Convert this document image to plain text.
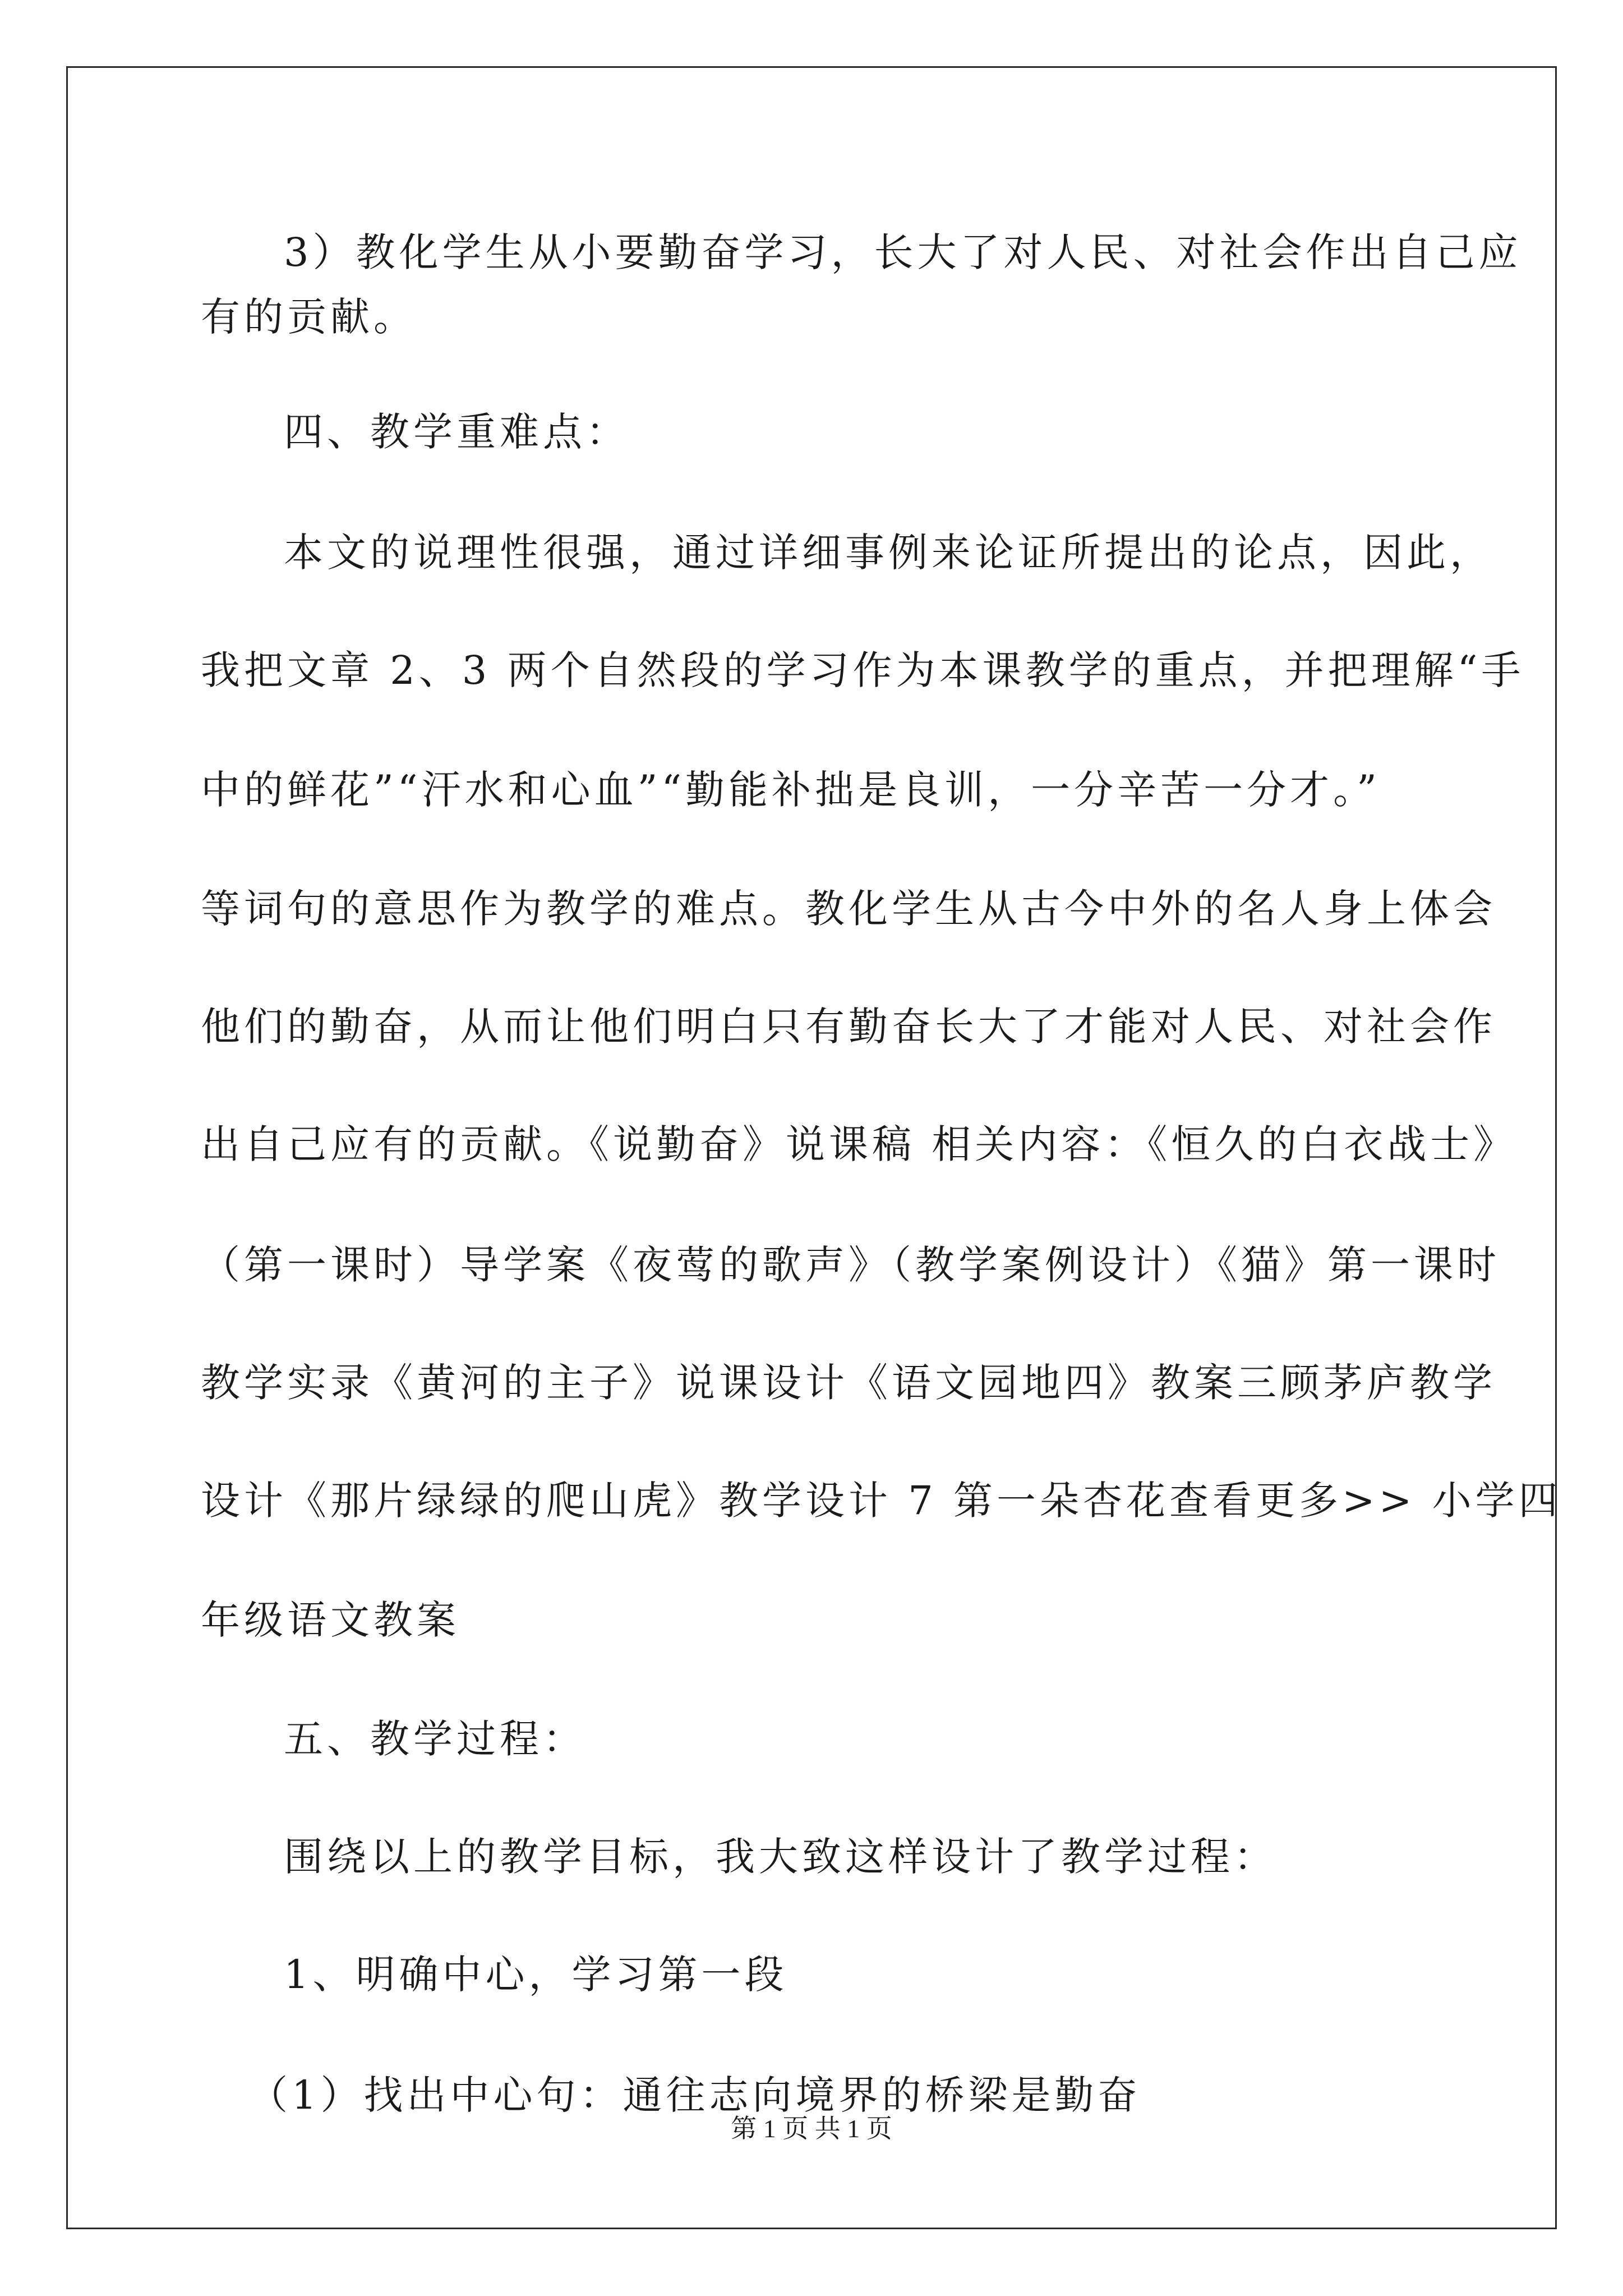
3）教化学生从小要勤奋学习，长大了对人民、对社会作出自己应
有的贡献。
四、教学重难点：
本文的说理性很强，通过详细事例来论证所提出的论点，因此，
我把文章 2、3 两个自然段的学习作为本课教学的重点，并把理解“手
中的鲜花”“汗水和心血”“勤能补拙是良训，一分辛苦一分才。”
等词句的意思作为教学的难点。教化学生从古今中外的名人身上体会
他们的勤奋，从而让他们明白只有勤奋长大了才能对人民、对社会作
出自己应有的贡献。《说勤奋》说课稿 相关内容：《恒久的白衣战士》
（第一课时）导学案《夜莺的歌声》（教学案例设计）《猫》第一课时
教学实录《黄河的主子》说课设计《语文园地四》教案三顾茅庐教学
设计《那片绿绿的爬山虎》教学设计 7 第一朵杏花查看更多>> 小学四
年级语文教案
五、教学过程：
围绕以上的教学目标，我大致这样设计了教学过程：
1、明确中心，学习第一段
（1）找出中心句：通往志向境界的桥梁是勤奋
第 1 页 共 1 页
